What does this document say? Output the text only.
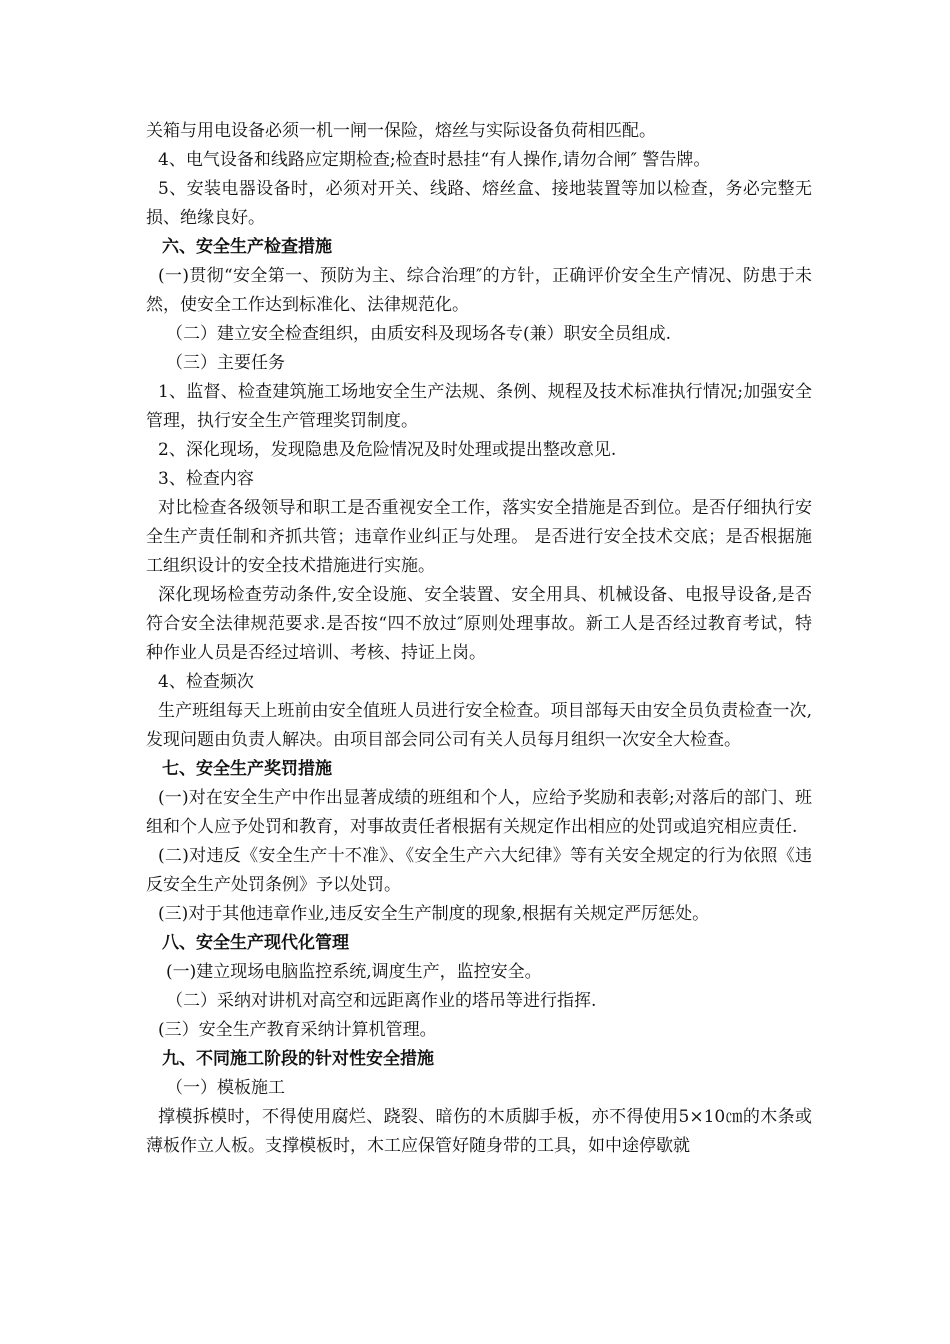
关箱与用电设备必须一机一闸一保险，熔丝与实际设备负荷相匹配。

4、电气设备和线路应定期检查;检查时悬挂“有人操作,请勿合闸″ 警告牌。

5、安装电器设备时，必须对开关、线路、熔丝盒、接地装置等加以检查，务必完整无损、绝缘良好。

六、安全生产检查措施

(一)贯彻“安全第一、预防为主、综合治理″的方针，正确评价安全生产情况、防患于未然，使安全工作达到标准化、法律规范化。

（二）建立安全检查组织，由质安科及现场各专(兼）职安全员组成.

（三）主要任务

1、监督、检查建筑施工场地安全生产法规、条例、规程及技术标准执行情况;加强安全管理，执行安全生产管理奖罚制度。

2、深化现场，发现隐患及危险情况及时处理或提出整改意见.

3、检查内容

对比检查各级领导和职工是否重视安全工作，落实安全措施是否到位。是否仔细执行安全生产责任制和齐抓共管；违章作业纠正与处理。 是否进行安全技术交底；是否根据施工组织设计的安全技术措施进行实施。

深化现场检查劳动条件,安全设施、安全装置、安全用具、机械设备、电报导设备,是否符合安全法律规范要求.是否按“四不放过″原则处理事故。新工人是否经过教育考试，特种作业人员是否经过培训、考核、持证上岗。

4、检查频次

生产班组每天上班前由安全值班人员进行安全检查。项目部每天由安全员负责检查一次,发现问题由负责人解决。由项目部会同公司有关人员每月组织一次安全大检查。

七、安全生产奖罚措施

(一)对在安全生产中作出显著成绩的班组和个人，应给予奖励和表彰;对落后的部门、班组和个人应予处罚和教育，对事故责任者根据有关规定作出相应的处罚或追究相应责任.

(二)对违反《安全生产十不准》、《安全生产六大纪律》等有关安全规定的行为依照《违反安全生产处罚条例》予以处罚。

(三)对于其他违章作业,违反安全生产制度的现象,根据有关规定严厉惩处。

八、安全生产现代化管理

(一)建立现场电脑监控系统,调度生产，监控安全。

（二）采纳对讲机对高空和远距离作业的塔吊等进行指挥.

(三）安全生产教育采纳计算机管理。

九、不同施工阶段的针对性安全措施

（一）模板施工

撑模拆模时，不得使用腐烂、跷裂、暗伤的木质脚手板，亦不得使用5×10㎝的木条或薄板作立人板。支撑模板时，木工应保管好随身带的工具，如中途停歇就
